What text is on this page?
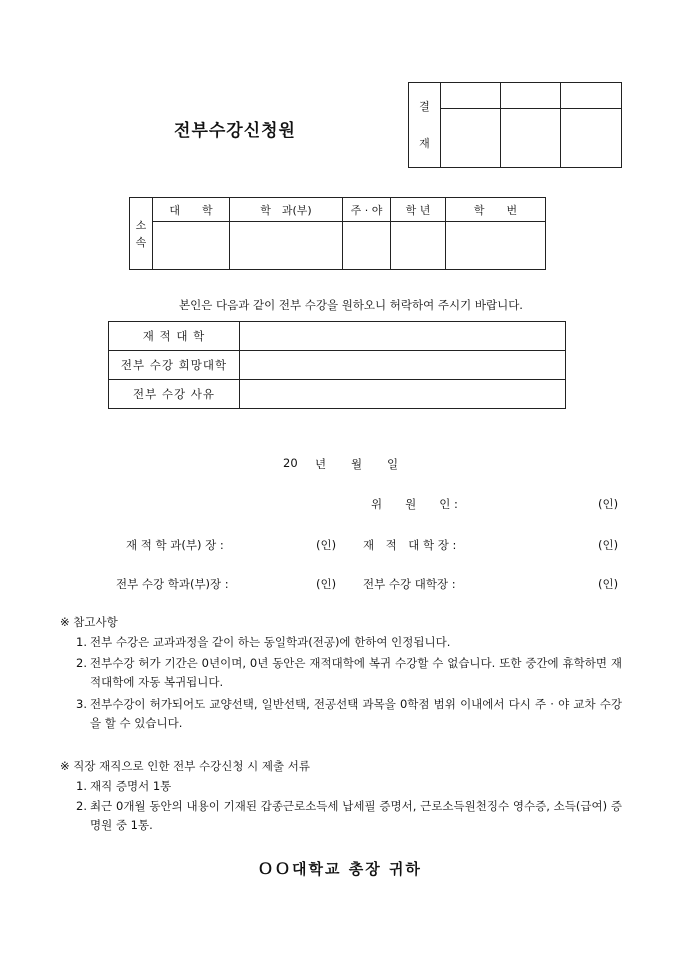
전부수강신청원
결
재			

소
속	대　　학	학　과(부)	주 · 야	학 년	학　　번

본인은 다음과 같이 전부 수강을 원하오니 허락하여 주시기 바랍니다.
재 적 대 학	
전부 수강 희망대학	
전부 수강 사유	
20 년 월 일
위　　원　　인 :	(인)
재 적 학 과(부) 장 :	(인) 재　적　대 학 장 :	(인)
전부 수강 학과(부)장 :	(인) 전부 수강 대학장 :	(인)
※ 참고사항
1. 전부 수강은 교과과정을 같이 하는 동일학과(전공)에 한하여 인정됩니다.
2. 전부수강 허가 기간은 0년이며, 0년 동안은 재적대학에 복귀 수강할 수 없습니다. 또한 중간에 휴학하면 재적대학에 자동 복귀됩니다.
3. 전부수강이 허가되어도 교양선택, 일반선택, 전공선택 과목을 0학점 범위 이내에서 다시 주 · 야 교차 수강을 할 수 있습니다.
※ 직장 재직으로 인한 전부 수강신청 시 제출 서류
1. 재직 증명서 1통
2. 최근 0개월 동안의 내용이 기재된 갑종근로소득세 납세필 증명서, 근로소득원천징수 영수증, 소득(급여) 증명원 중 1통.
ＯＯ대학교 총장 귀하
